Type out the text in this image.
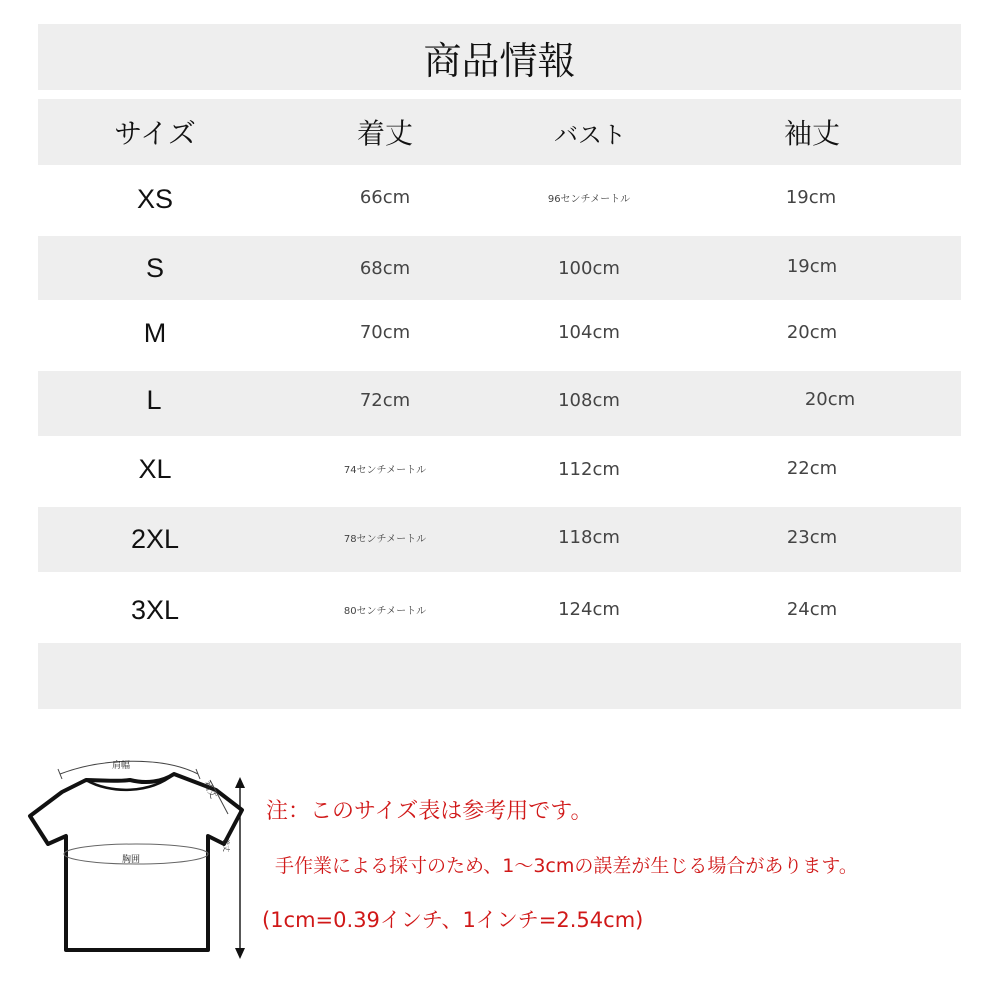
商品情報
サイズ	着丈	バスト	袖丈
XS	66cm	96センチメートル	19cm
S	68cm	100cm	19cm
M	70cm	104cm	20cm
L	72cm	108cm	20cm
XL	74センチメートル	112cm	22cm
2XL	78センチメートル	118cm	23cm
3XL	80センチメートル	124cm	24cm
肩幅
袖丈
胸囲
着丈
注：このサイズ表は参考用です。
手作業による採寸のため、1～3cmの誤差が生じる場合があります。
(1cm=0.39インチ、1インチ=2.54cm)
